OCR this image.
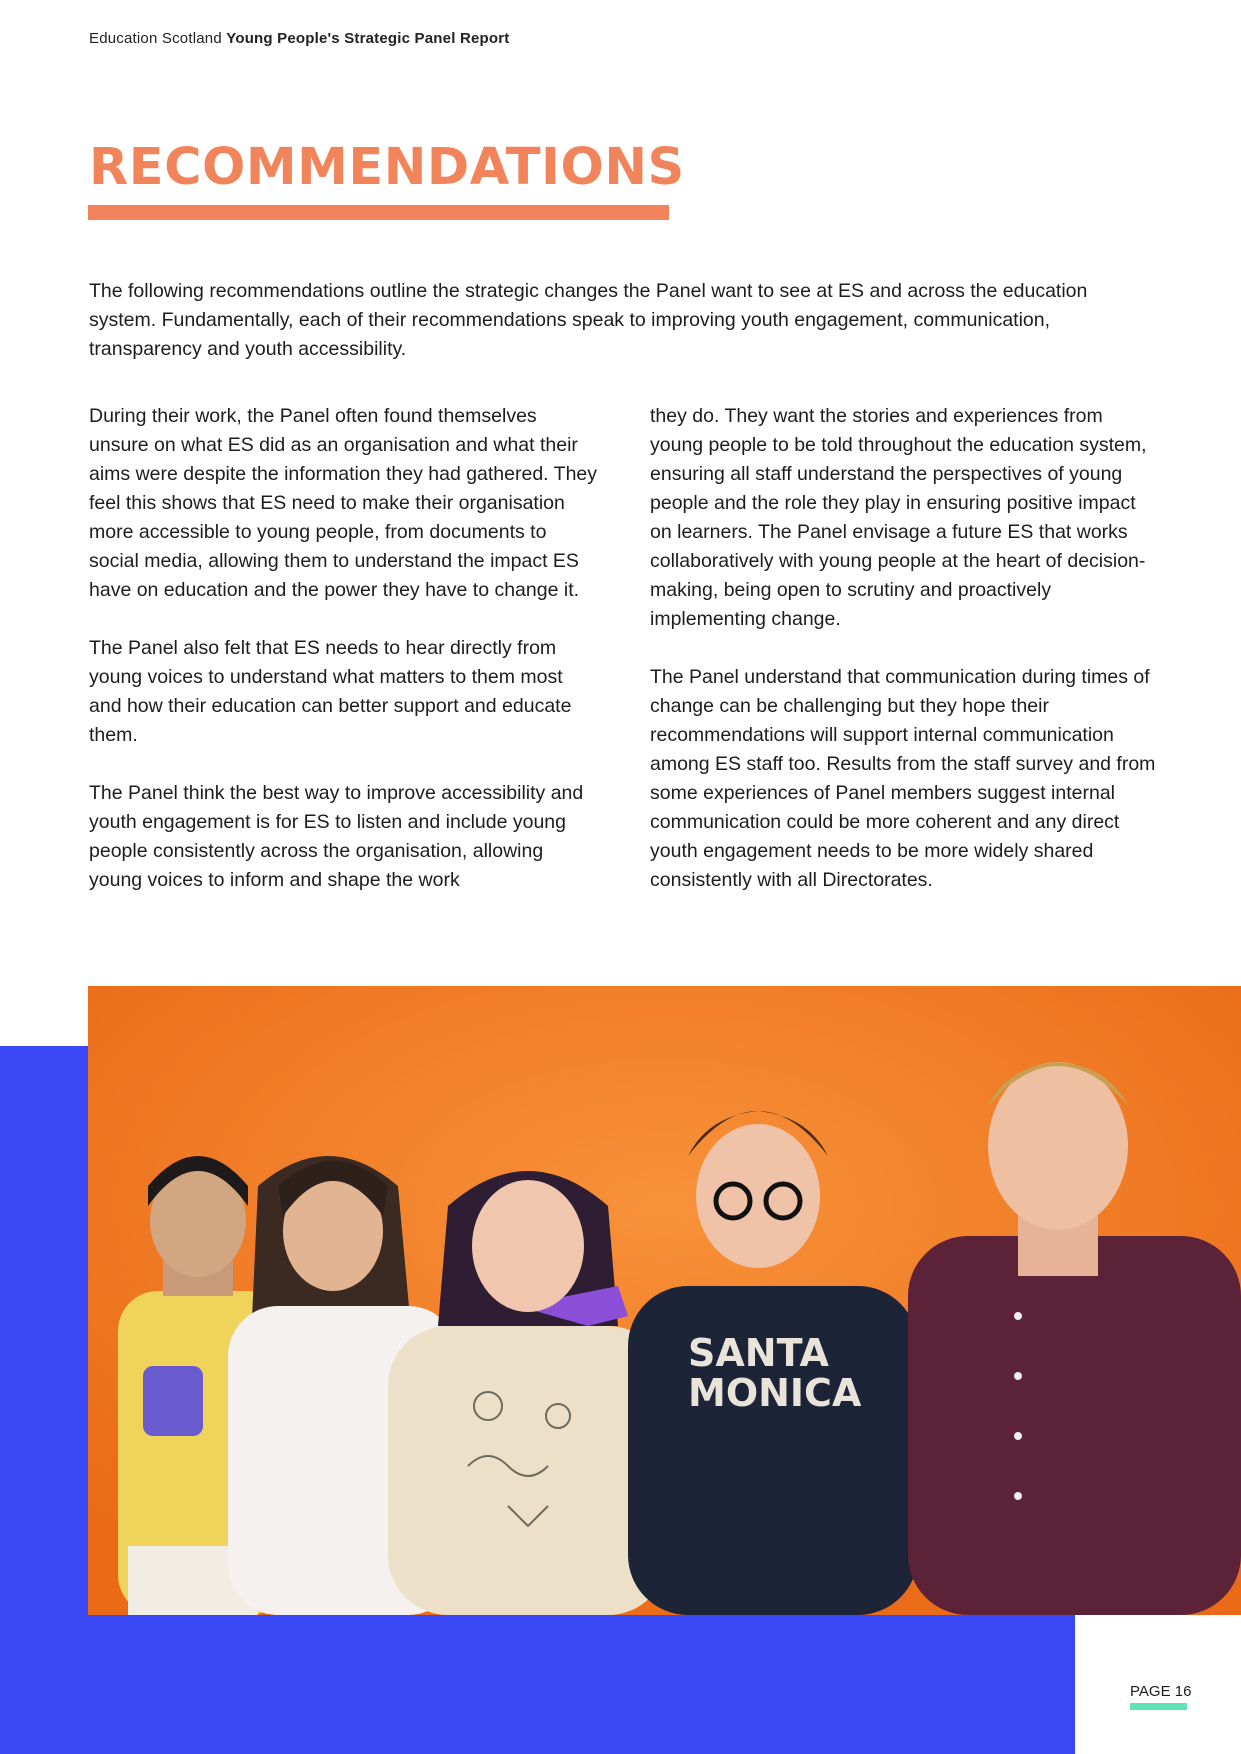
Education Scotland Young People's Strategic Panel Report
RECOMMENDATIONS
The following recommendations outline the strategic changes the Panel want to see at ES and across the education system. Fundamentally, each of their recommendations speak to improving youth engagement, communication, transparency and youth accessibility.

During their work, the Panel often found themselves unsure on what ES did as an organisation and what their aims were despite the information they had gathered. They feel this shows that ES need to make their organisation more accessible to young people, from documents to social media, allowing them to understand the impact ES have on education and the power they have to change it.

The Panel also felt that ES needs to hear directly from young voices to understand what matters to them most and how their education can better support and educate them.

The Panel think the best way to improve accessibility and youth engagement is for ES to listen and include young people consistently across the organisation, allowing young voices to inform and shape the work

they do. They want the stories and experiences from young people to be told throughout the education system, ensuring all staff understand the perspectives of young people and the role they play in ensuring positive impact on learners. The Panel envisage a future ES that works collaboratively with young people at the heart of decision-making, being open to scrutiny and proactively implementing change.

The Panel understand that communication during times of change can be challenging but they hope their recommendations will support internal communication among ES staff too. Results from the staff survey and from some experiences of Panel members suggest internal communication could be more coherent and any direct youth engagement needs to be more widely shared consistently with all Directorates.

SANTA
MONICA
PAGE 16
